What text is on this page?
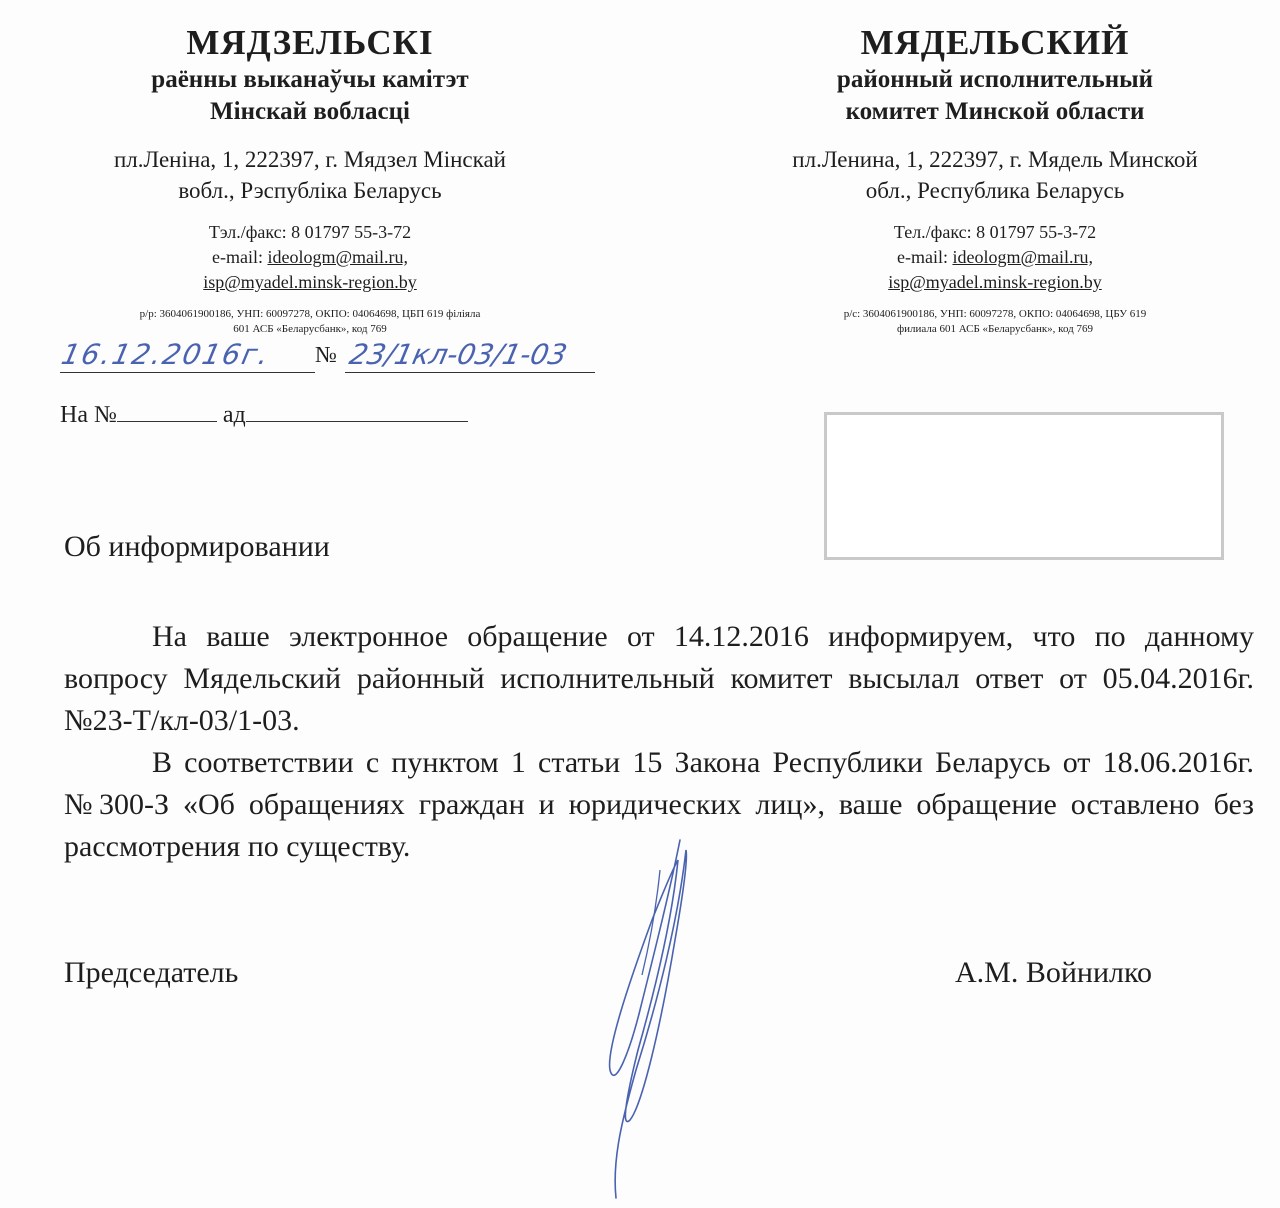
МЯДЗЕЛЬСКІ
раённы выканаўчы камітэт
Мінскай вобласці
пл.Леніна, 1, 222397, г. Мядзел Мінскай
вобл., Рэспубліка Беларусь
Тэл./факс: 8 01797 55-3-72
e-mail: ideologm@mail.ru,
isp@myadel.minsk-region.by
р/р: 3604061900186, УНП: 60097278, ОКПО: 04064698, ЦБП 619 філіяла
601 АСБ «Беларусбанк», код 769
МЯДЕЛЬСКИЙ
районный исполнительный
комитет Минской области
пл.Ленина, 1, 222397, г. Мядель Минской
обл., Республика Беларусь
Тел./факс: 8 01797 55-3-72
e-mail: ideologm@mail.ru,
isp@myadel.minsk-region.by
р/с: 3604061900186, УНП: 60097278, ОКПО: 04064698, ЦБУ 619
филиала 601 АСБ «Беларусбанк», код 769
16.12.2016г. № 23/1кл-03/1-03
На №	ад
Об информировании

На ваше электронное обращение от 14.12.2016 информируем, что по данному вопросу Мядельский районный исполнительный комитет высылал ответ от 05.04.2016г. №23-Т/кл-03/1-03.

В соответствии с пунктом 1 статьи 15 Закона Республики Беларусь от 18.06.2016г. №300-З «Об обращениях граждан и юридических лиц», ваше обращение оставлено без рассмотрения по существу.

Председатель	А.М. Войнилко
